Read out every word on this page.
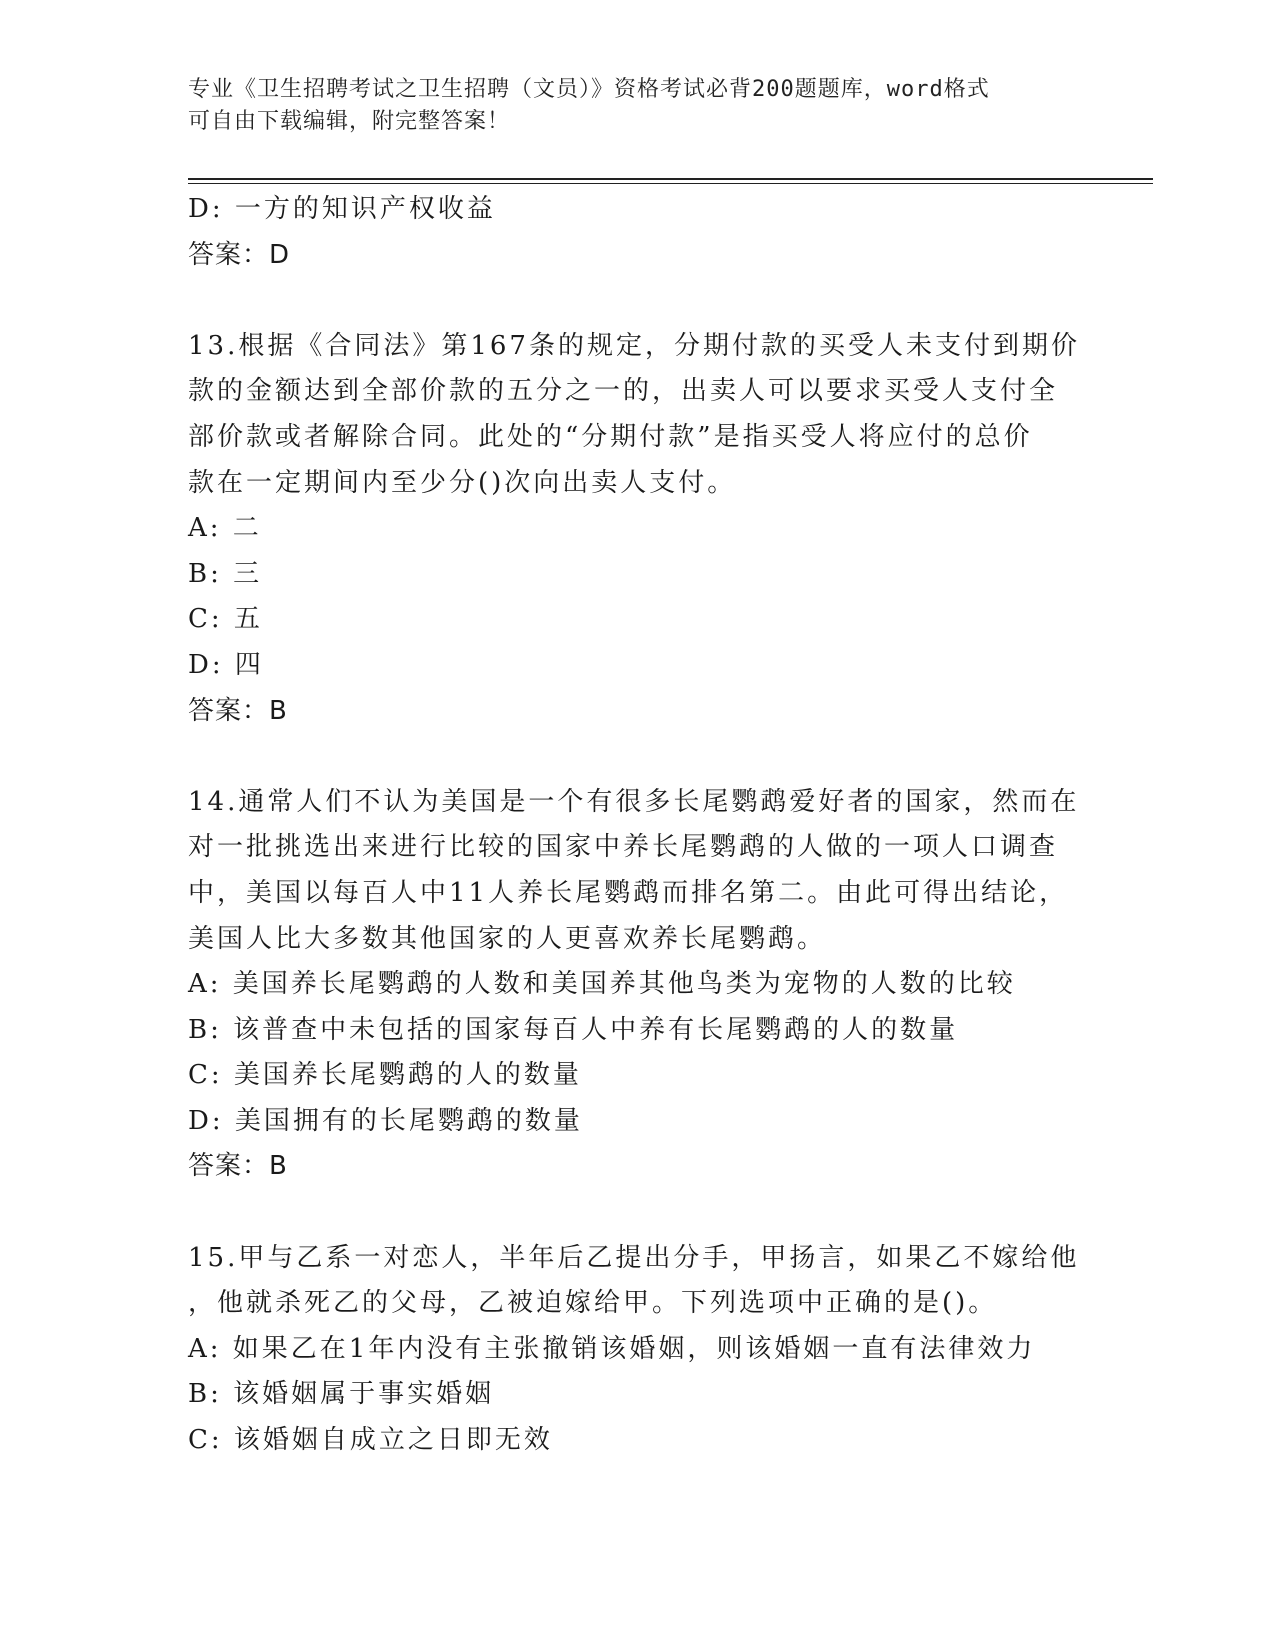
专业《卫生招聘考试之卫生招聘（文员）》资格考试必背200题题库，word格式
可自由下载编辑，附完整答案！
D: 一方的知识产权收益
答案：D
13.根据《合同法》第167条的规定，分期付款的买受人未支付到期价
款的金额达到全部价款的五分之一的，出卖人可以要求买受人支付全
部价款或者解除合同。此处的“分期付款”是指买受人将应付的总价
款在一定期间内至少分()次向出卖人支付。
A: 二
B: 三
C: 五
D: 四
答案：B
14.通常人们不认为美国是一个有很多长尾鹦鹉爱好者的国家，然而在
对一批挑选出来进行比较的国家中养长尾鹦鹉的人做的一项人口调查
中，美国以每百人中11人养长尾鹦鹉而排名第二。由此可得出结论，
美国人比大多数其他国家的人更喜欢养长尾鹦鹉。
A: 美国养长尾鹦鹉的人数和美国养其他鸟类为宠物的人数的比较
B: 该普查中未包括的国家每百人中养有长尾鹦鹉的人的数量
C: 美国养长尾鹦鹉的人的数量
D: 美国拥有的长尾鹦鹉的数量
答案：B
15.甲与乙系一对恋人，半年后乙提出分手，甲扬言，如果乙不嫁给他
，他就杀死乙的父母，乙被迫嫁给甲。下列选项中正确的是()。
A: 如果乙在1年内没有主张撤销该婚姻，则该婚姻一直有法律效力
B: 该婚姻属于事实婚姻
C: 该婚姻自成立之日即无效
